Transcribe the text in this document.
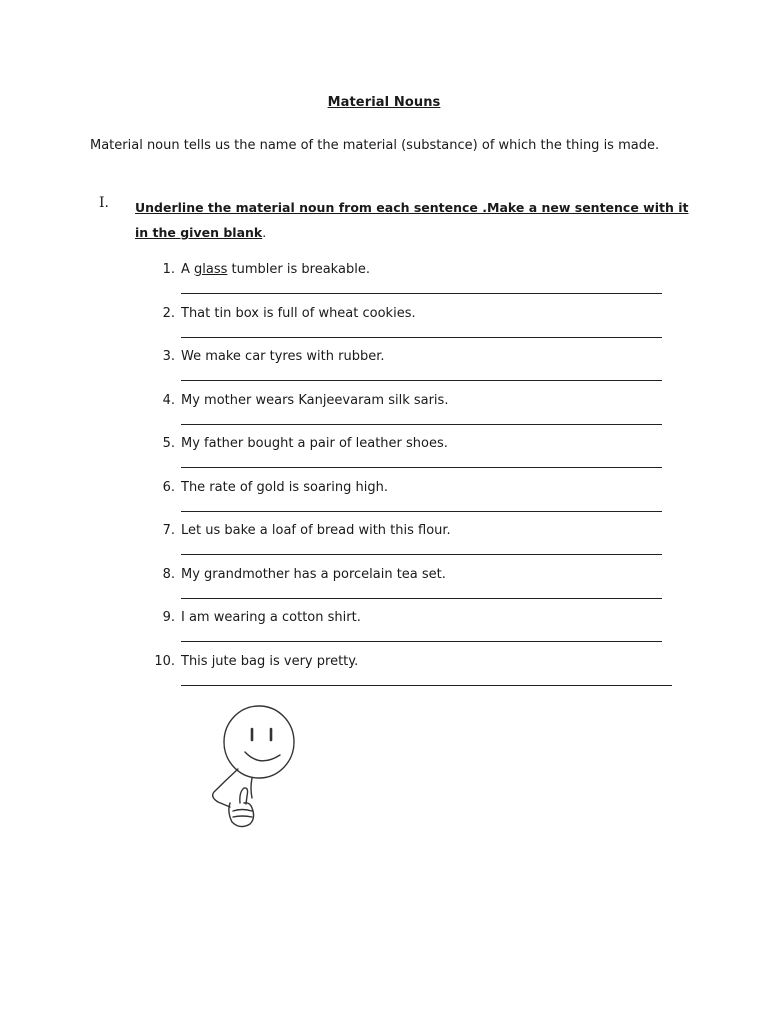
Material Nouns
Material noun tells us the name of the material (substance) of which the thing is made.
I. Underline the material noun from each sentence .Make a new sentence with it in the given blank.
1. A glass tumbler is breakable.
2. That tin box is full of wheat cookies.
3. We make car tyres with rubber.
4. My mother wears Kanjeevaram silk saris.
5. My father bought a pair of leather shoes.
6. The rate of gold is soaring high.
7. Let us bake a loaf of bread with this flour.
8. My grandmother has a porcelain tea set.
9. I am wearing a cotton shirt.
10. This jute bag is very pretty.
